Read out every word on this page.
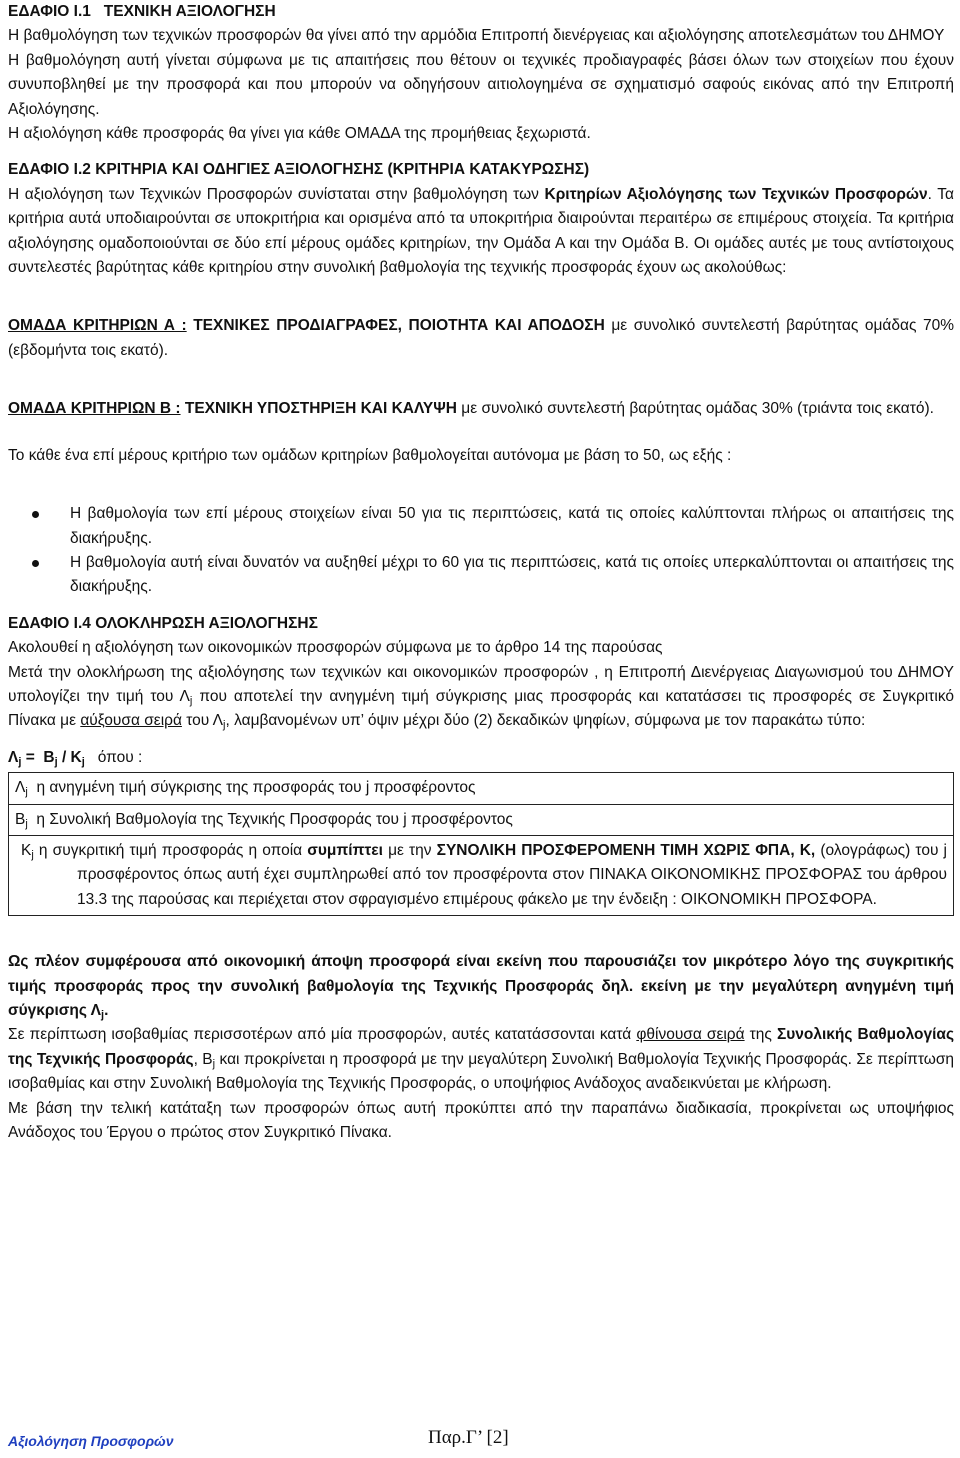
ΕΔΑΦΙΟ Ι.1   ΤΕΧΝΙΚΗ ΑΞΙΟΛΟΓΗΣΗ

Η βαθμολόγηση των τεχνικών προσφορών θα γίνει από την αρμόδια Επιτροπή διενέργειας και αξιολόγησης αποτελεσμάτων του ΔΗΜΟΥ

Η βαθμολόγηση αυτή γίνεται σύμφωνα με τις απαιτήσεις που θέτουν οι τεχνικές προδιαγραφές βάσει όλων των στοιχείων που έχουν συνυποβληθεί με την προσφορά και που μπορούν να οδηγήσουν αιτιολογημένα σε σχηματισμό σαφούς εικόνας από την Επιτροπή Αξιολόγησης.

Η αξιολόγηση κάθε προσφοράς θα γίνει για κάθε ΟΜΑΔΑ της προμήθειας ξεχωριστά.

ΕΔΑΦΙΟ Ι.2 ΚΡΙΤΗΡΙΑ ΚΑΙ ΟΔΗΓΙΕΣ ΑΞΙΟΛΟΓΗΣΗΣ (ΚΡΙΤΗΡΙΑ ΚΑΤΑΚΥΡΩΣΗΣ)

Η αξιολόγηση των Τεχνικών Προσφορών συνίσταται στην βαθμολόγηση των Κριτηρίων Αξιολόγησης των Τεχνικών Προσφορών. Τα κριτήρια αυτά υποδιαιρούνται σε υποκριτήρια και ορισμένα από τα υποκριτήρια διαιρούνται περαιτέρω σε επιμέρους στοιχεία. Τα κριτήρια αξιολόγησης ομαδοποιούνται σε δύο επί μέρους ομάδες κριτηρίων, την Ομάδα Α και την Ομάδα Β. Οι ομάδες αυτές με τους αντίστοιχους συντελεστές βαρύτητας κάθε κριτηρίου στην συνολική βαθμολογία της τεχνικής προσφοράς έχουν ως ακολούθως:

ΟΜΑΔΑ ΚΡΙΤΗΡΙΩΝ Α : ΤΕΧΝΙΚΕΣ ΠΡΟΔΙΑΓΡΑΦΕΣ, ΠΟΙΟΤΗΤΑ ΚΑΙ ΑΠΟΔΟΣΗ με συνολικό συντελεστή βαρύτητας ομάδας 70% (εβδομήντα τοις εκατό).

ΟΜΑΔΑ ΚΡΙΤΗΡΙΩΝ Β : ΤΕΧΝΙΚΗ ΥΠΟΣΤΗΡΙΞΗ ΚΑΙ ΚΑΛΥΨΗ με συνολικό συντελεστή βαρύτητας ομάδας 30% (τριάντα τοις εκατό).

Το κάθε ένα επί μέρους κριτήριο των ομάδων κριτηρίων βαθμολογείται αυτόνομα με βάση το 50, ως εξής :

Η βαθμολογία των επί μέρους στοιχείων είναι 50 για τις περιπτώσεις, κατά τις οποίες καλύπτονται πλήρως οι απαιτήσεις της διακήρυξης.
Η βαθμολογία αυτή είναι δυνατόν να αυξηθεί μέχρι το 60 για τις περιπτώσεις, κατά τις οποίες υπερκαλύπτονται οι απαιτήσεις της διακήρυξης.

ΕΔΑΦΙΟ Ι.4 ΟΛΟΚΛΗΡΩΣΗ ΑΞΙΟΛΟΓΗΣΗΣ

Ακολουθεί η αξιολόγηση των οικονομικών προσφορών σύμφωνα με το άρθρο 14 της παρούσας

Μετά την ολοκλήρωση της αξιολόγησης των τεχνικών και οικονομικών προσφορών , η Επιτροπή Διενέργειας Διαγωνισμού του ΔΗΜΟΥ υπολογίζει την τιμή του $\Lambda_j$ που αποτελεί την ανηγμένη τιμή σύγκρισης μιας προσφοράς και κατατάσσει τις προσφορές σε Συγκριτικό Πίνακα με αύξουσα σειρά του $\Lambda_j$, λαμβανομένων υπ’ όψιν μέχρι δύο (2) δεκαδικών ψηφίων, σύμφωνα με τον παρακάτω τύπο:

$\Lambda_j = B_j / K_j$   όπου :

$\Lambda_j$ η ανηγμένη τιμή σύγκρισης της προσφοράς του j προσφέροντος
$B_j$ η Συνολική Βαθμολογία της Τεχνικής Προσφοράς του j προσφέροντος

$K_j$ η συγκριτική τιμή προσφοράς η οποία συμπίπτει με την ΣΥΝΟΛΙΚΗ ΠΡΟΣΦΕΡΟΜΕΝΗ ΤΙΜΗ ΧΩΡΙΣ ΦΠΑ, Κ, (ολογράφως) του j προσφέροντος όπως αυτή έχει συμπληρωθεί από τον προσφέροντα στον ΠΙΝΑΚΑ ΟΙΚΟΝΟΜΙΚΗΣ ΠΡΟΣΦΟΡΑΣ του άρθρου 13.3 της παρούσας και περιέχεται στον σφραγισμένο επιμέρους φάκελο με την ένδειξη : ΟΙΚΟΝΟΜΙΚΗ ΠΡΟΣΦΟΡΑ.

Ως πλέον συμφέρουσα από οικονομική άποψη προσφορά είναι εκείνη που παρουσιάζει τον μικρότερο λόγο της συγκριτικής τιμής προσφοράς προς την συνολική βαθμολογία της Τεχνικής Προσφοράς δηλ. εκείνη με την μεγαλύτερη ανηγμένη τιμή σύγκρισης $\Lambda_j$.

Σε περίπτωση ισοβαθμίας περισσοτέρων από μία προσφορών, αυτές κατατάσσονται κατά φθίνουσα σειρά της Συνολικής Βαθμολογίας της Τεχνικής Προσφοράς, $B_j$ και προκρίνεται η προσφορά με την μεγαλύτερη Συνολική Βαθμολογία Τεχνικής Προσφοράς. Σε περίπτωση ισοβαθμίας και στην Συνολική Βαθμολογία της Τεχνικής Προσφοράς, ο υποψήφιος Ανάδοχος αναδεικνύεται με κλήρωση.

Με βάση την τελική κατάταξη των προσφορών όπως αυτή προκύπτει από την παραπάνω διαδικασία, προκρίνεται ως υποψήφιος Ανάδοχος του Έργου ο πρώτος στον Συγκριτικό Πίνακα.

Αξιολόγηση Προσφορών	Παρ.Γ’ [2]
